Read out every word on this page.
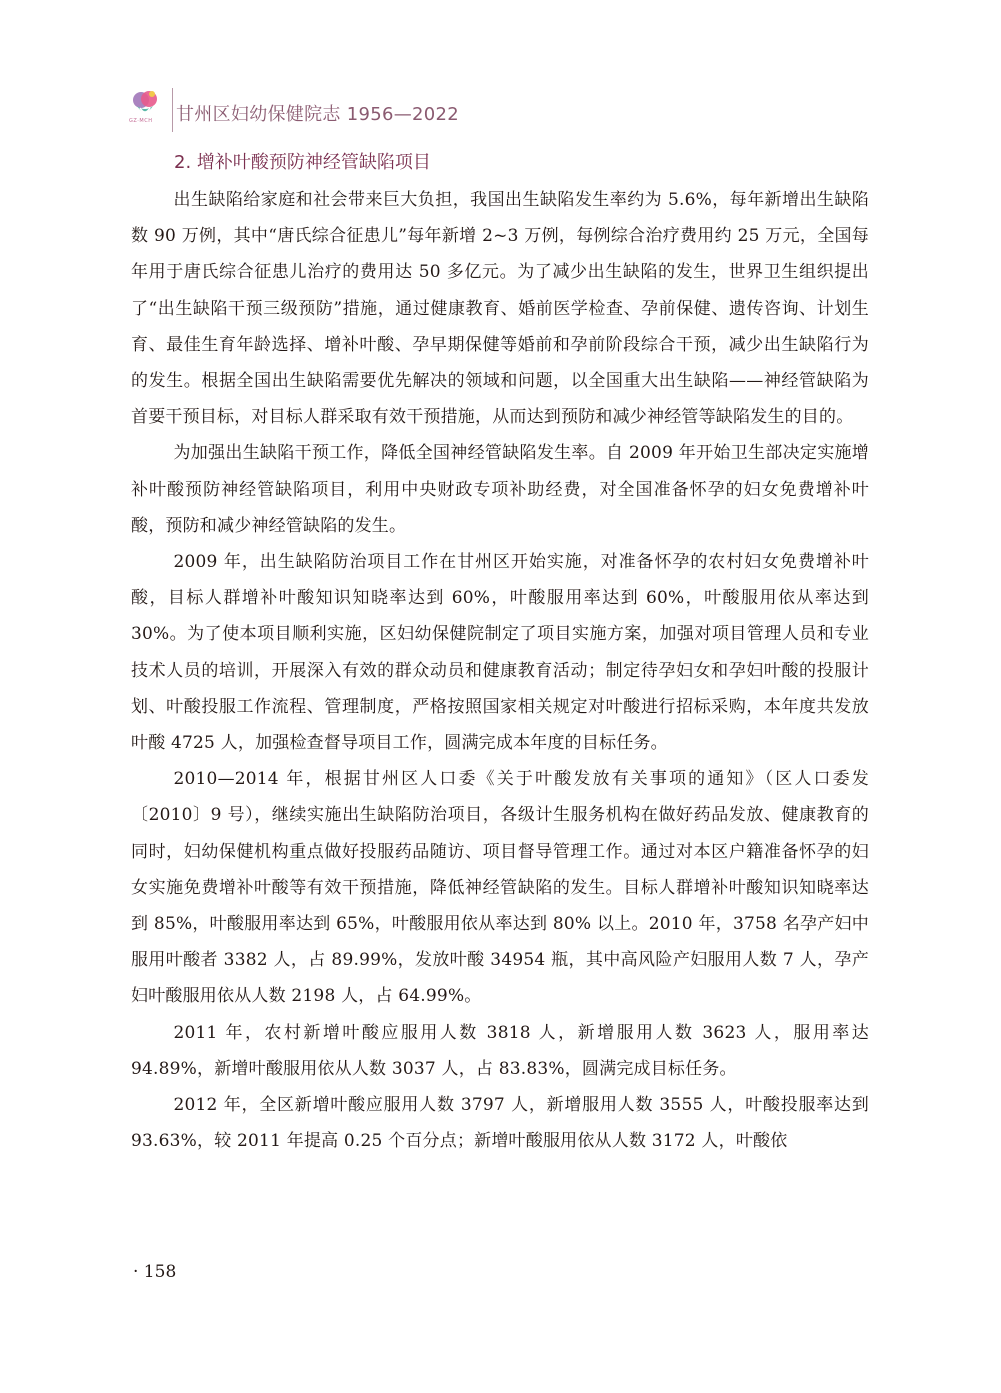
GZ·MCH 甘州区妇幼保健院志 1956—2022
2. 增补叶酸预防神经管缺陷项目

出生缺陷给家庭和社会带来巨大负担，我国出生缺陷发生率约为 5.6%，每年新增出生缺陷数 90 万例，其中“唐氏综合征患儿”每年新增 2~3 万例，每例综合治疗费用约 25 万元，全国每年用于唐氏综合征患儿治疗的费用达 50 多亿元。为了减少出生缺陷的发生，世界卫生组织提出了“出生缺陷干预三级预防”措施，通过健康教育、婚前医学检查、孕前保健、遗传咨询、计划生育、最佳生育年龄选择、增补叶酸、孕早期保健等婚前和孕前阶段综合干预，减少出生缺陷行为的发生。根据全国出生缺陷需要优先解决的领域和问题，以全国重大出生缺陷——神经管缺陷为首要干预目标，对目标人群采取有效干预措施，从而达到预防和减少神经管等缺陷发生的目的。

为加强出生缺陷干预工作，降低全国神经管缺陷发生率。自 2009 年开始卫生部决定实施增补叶酸预防神经管缺陷项目，利用中央财政专项补助经费，对全国准备怀孕的妇女免费增补叶酸，预防和减少神经管缺陷的发生。

2009 年，出生缺陷防治项目工作在甘州区开始实施，对准备怀孕的农村妇女免费增补叶酸，目标人群增补叶酸知识知晓率达到 60%，叶酸服用率达到 60%，叶酸服用依从率达到 30%。为了使本项目顺利实施，区妇幼保健院制定了项目实施方案，加强对项目管理人员和专业技术人员的培训，开展深入有效的群众动员和健康教育活动；制定待孕妇女和孕妇叶酸的投服计划、叶酸投服工作流程、管理制度，严格按照国家相关规定对叶酸进行招标采购，本年度共发放叶酸 4725 人，加强检查督导项目工作，圆满完成本年度的目标任务。

2010—2014 年，根据甘州区人口委《关于叶酸发放有关事项的通知》（区人口委发〔2010〕9 号），继续实施出生缺陷防治项目，各级计生服务机构在做好药品发放、健康教育的同时，妇幼保健机构重点做好投服药品随访、项目督导管理工作。通过对本区户籍准备怀孕的妇女实施免费增补叶酸等有效干预措施，降低神经管缺陷的发生。目标人群增补叶酸知识知晓率达到 85%，叶酸服用率达到 65%，叶酸服用依从率达到 80% 以上。2010 年，3758 名孕产妇中服用叶酸者 3382 人，占 89.99%，发放叶酸 34954 瓶，其中高风险产妇服用人数 7 人，孕产妇叶酸服用依从人数 2198 人，占 64.99%。

2011 年，农村新增叶酸应服用人数 3818 人，新增服用人数 3623 人，服用率达 94.89%，新增叶酸服用依从人数 3037 人，占 83.83%，圆满完成目标任务。

2012 年，全区新增叶酸应服用人数 3797 人，新增服用人数 3555 人，叶酸投服率达到 93.63%，较 2011 年提高 0.25 个百分点；新增叶酸服用依从人数 3172 人，叶酸依

· 158
